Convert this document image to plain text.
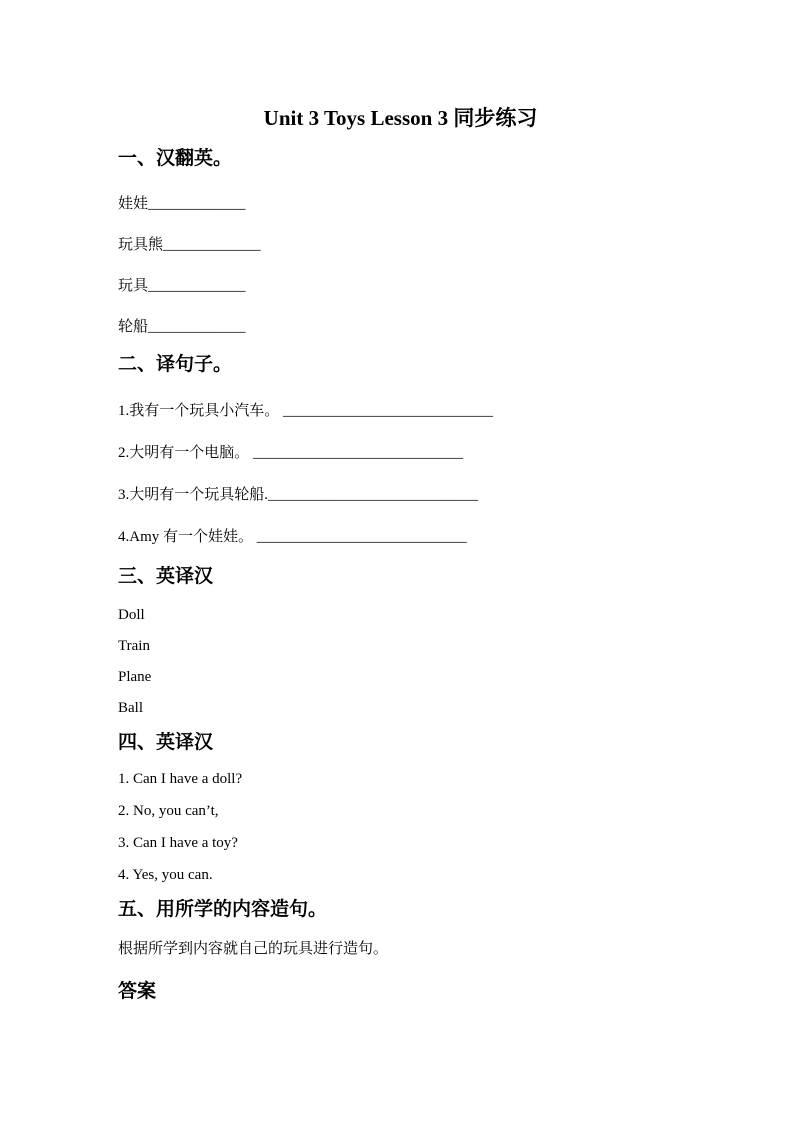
Unit 3 Toys Lesson 3 同步练习
一、汉翻英。

娃娃_____________

玩具熊_____________

玩具_____________

轮船_____________

二、译句子。

1.我有一个玩具小汽车。 ____________________________

2.大明有一个电脑。 ____________________________

3.大明有一个玩具轮船.____________________________

4.Amy 有一个娃娃。 ____________________________

三、英译汉

Doll

Train

Plane

Ball

四、英译汉

1. Can I have a doll?

2. No, you can’t,

3. Can I have a toy?

4. Yes, you can.

五、用所学的内容造句。

根据所学到内容就自己的玩具进行造句。

答案
